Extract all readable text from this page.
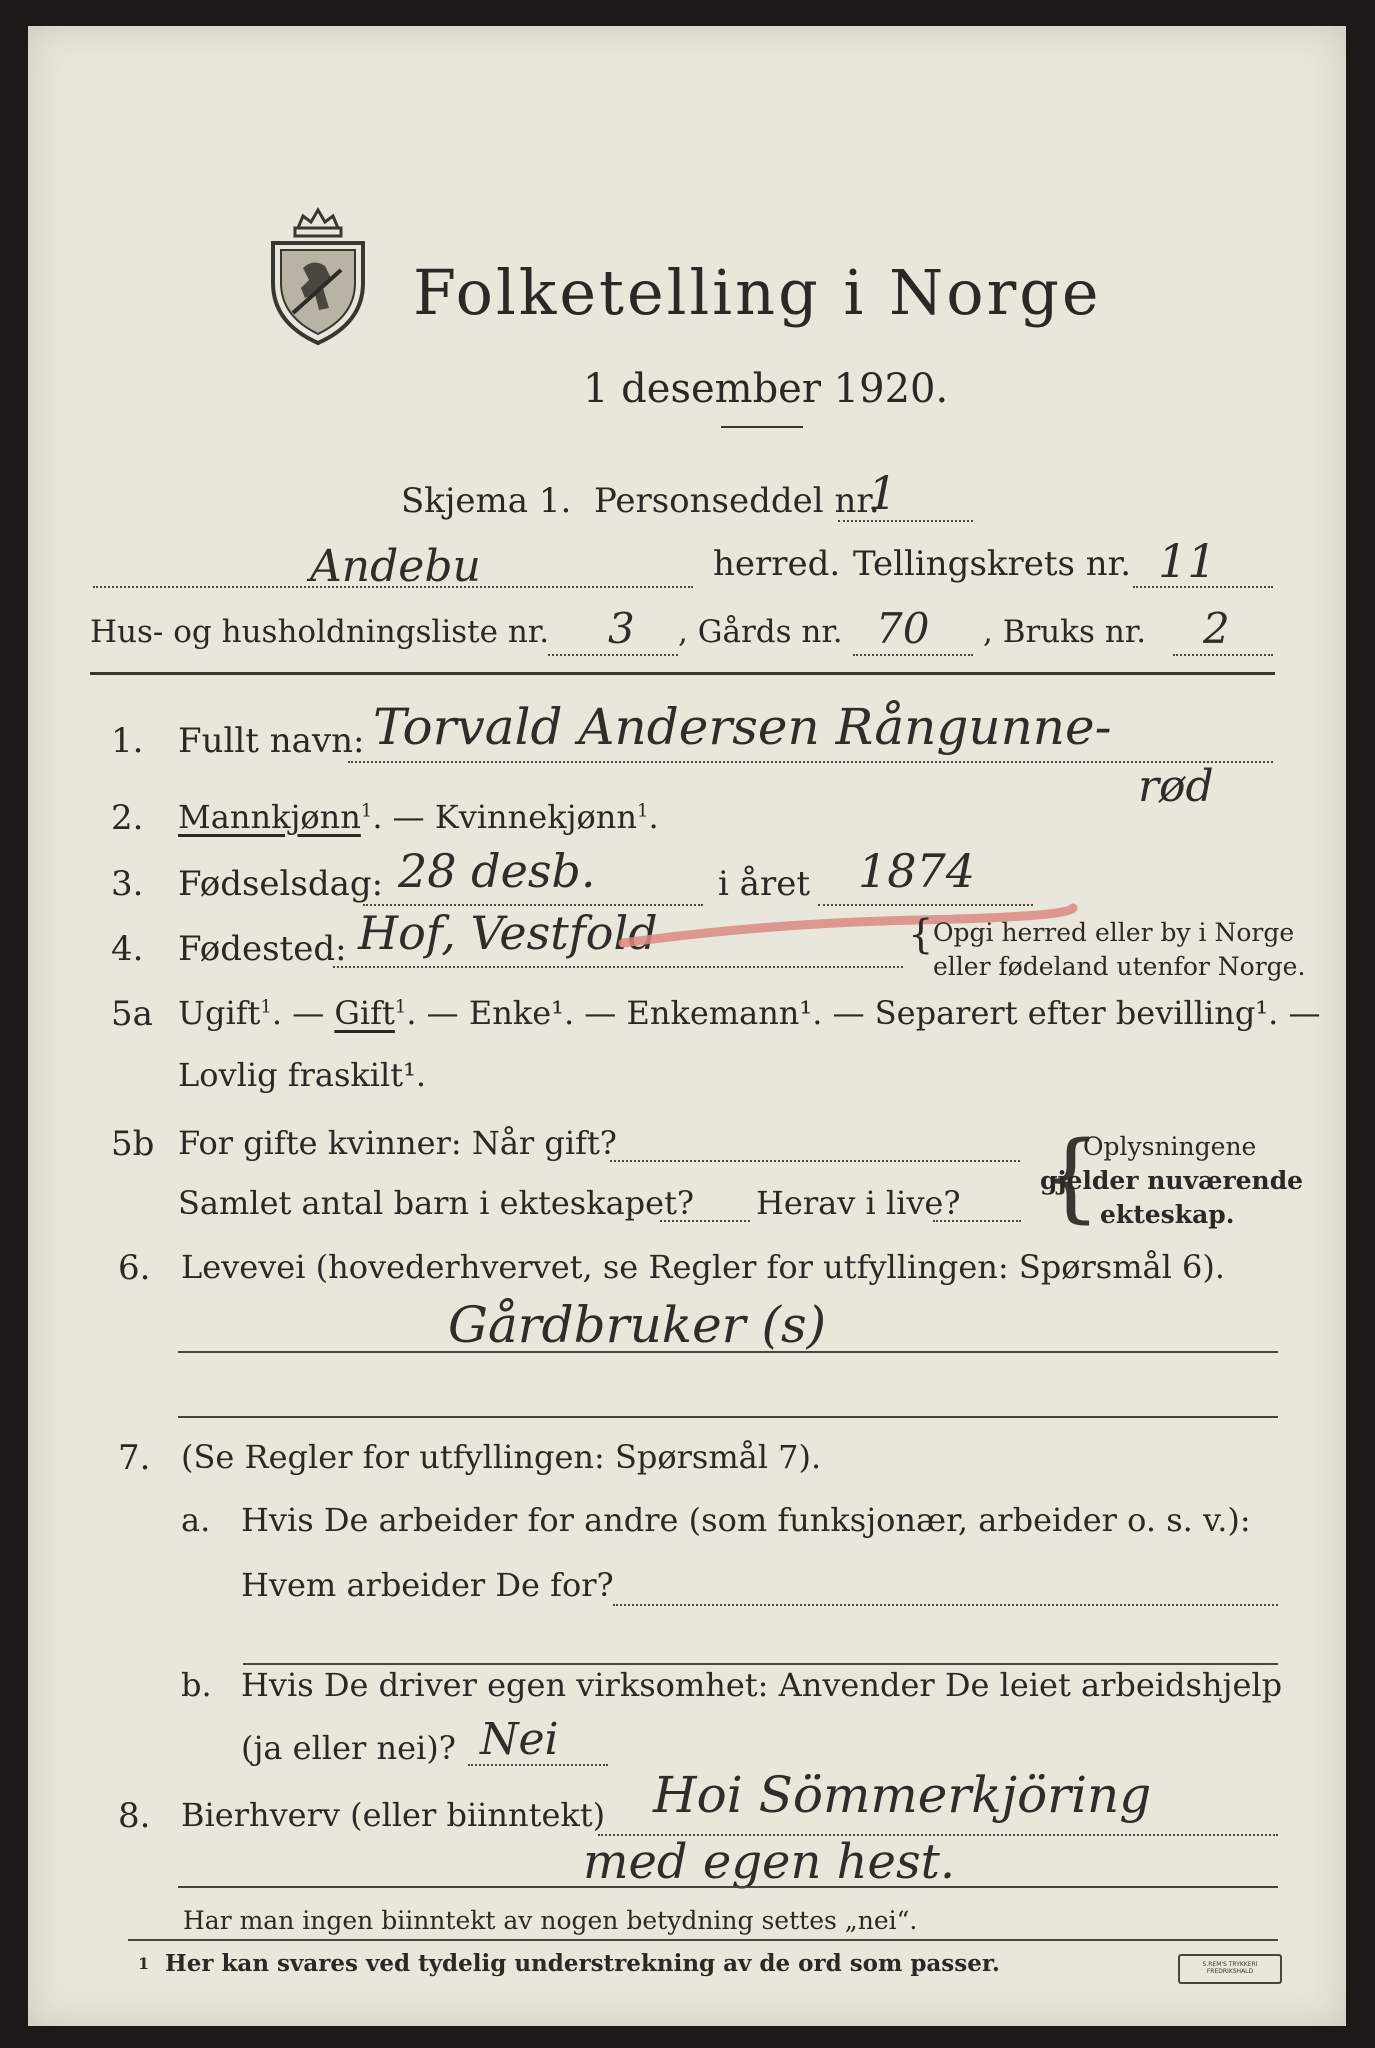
Folketelling i Norge
1 desember 1920.
Skjema 1. Personseddel nr.
1
Andebu	herred. Tellingskrets nr. 11
Hus- og husholdningsliste nr. 3 , Gårds nr. 70 , Bruks nr. 2
1. Fullt navn: Torvald Andersen Rångunne-
rød
2. Mannkjønn$^1$. — Kvinnekjønn$^1$.
3. Fødselsdag: 28 desb.	i året 1874
4. Fødested: Hof, Vestfold	{ Opgi herred eller by i Norge
eller fødeland utenfor Norge.
5a Ugift$^1$. — Gift$^1$. — Enke¹. — Enkemann¹. — Separert efter bevilling¹. —
Lovlig fraskilt¹.
5b For gifte kvinner: Når gift?
Samlet antal barn i ekteskapet? Herav i live? {
Oplysningene
gjelder nuværende
ekteskap.
6. Levevei (hovederhvervet, se Regler for utfyllingen: Spørsmål 6).
Gårdbruker (s)
7. (Se Regler for utfyllingen: Spørsmål 7).
a. Hvis De arbeider for andre (som funksjonær, arbeider o. s. v.):
Hvem arbeider De for?
b. Hvis De driver egen virksomhet: Anvender De leiet arbeidshjelp
(ja eller nei)? Nei
8. Bierhverv (eller biinntekt) Hoi Sömmerkjöring
med egen hest.
Har man ingen biinntekt av nogen betydning settes „nei“.
1 Her kan svares ved tydelig understrekning av de ord som passer.	S.REM'S TRYKKERI FREDRIKSHALD
